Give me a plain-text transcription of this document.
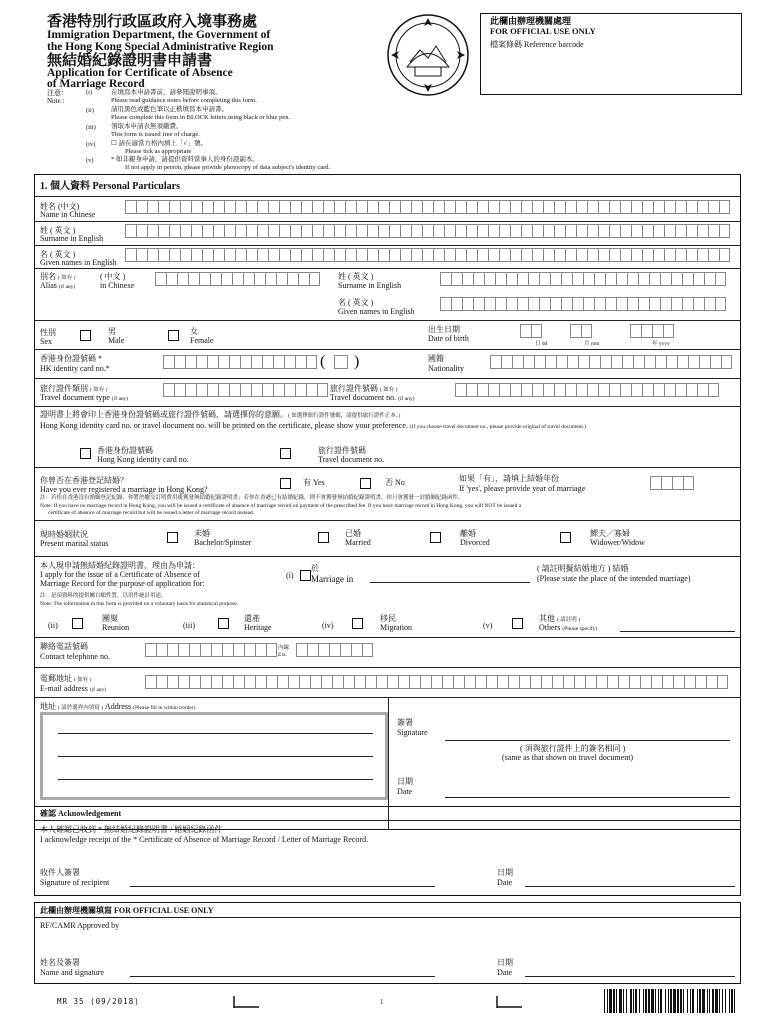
香港特別行政區政府入境事務處
Immigration Department, the Government of
the Hong Kong Special Administrative Region
無結婚紀錄證明書申請書
Application for Certificate of Absence
of Marriage Record
此欄由辦理機關處理
FOR OFFICIAL USE ONLY
檔案條碼 Reference barcode
注意：
Note :
(i)	在填寫本申請書前，請參閱說明事項。
Please read guidance notes before completing this form.
(ii)	請用黑色或藍色筆以正楷填寫本申請書。
Please complete this form in BLOCK letters using black or blue pen.
(iii) 領取本申請表無須繳費。
This form is issued free of charge.
(iv) ☐ 請在適當方格內填上「✓」號。
Please tick as appropriate
(v)	* 如非親身申請，請提供資料當事人的身份證副本。
If not apply in person, please provide photocopy of data subject's identity card.
1. 個人資料 Personal Particulars
姓名 (中文)
Name in Chinese
姓 ( 英文 )
Surname in English
名 ( 英文 )
Given names in English
別名 ( 如有 )
Alias (if any)
( 中文 )
in Chinese
姓 ( 英文 )
Surname in English
名 ( 英文 )
Given names in English
性別
Sex
男
Male
女
Female
出生日期
Date of birth
日 dd	月 mm	年 yyyy
香港身份證號碼 *
HK identity card no.*	( )	國籍
Nationality
旅行證件類別 ( 如有 )
Travel document type (if any)
旅行證件號碼 ( 如有 )
Travel document no. (if any)
證明書上將會印上香港身份證號碼或旅行證件號碼，請選擇你的意願。( 如選擇旅行證件號碼，請提供旅行證件正本。)
Hong Kong identity card no. or travel document no. will be printed on the certificate, please show your preference. (If you choose travel document no., please provide original of travel document.)
香港身份證號碼
Hong Kong identity card no.
旅行證件號碼
Travel document no.
你曾否在香港登記結婚？
Have you ever registered a marriage in Hong Kong?
有 Yes	否 No	如果「有」，請填上結婚年份
If 'yes', please provide year of marriage
註：若你在香港沒有婚姻登記紀錄，你將於繳交訂明費用後獲發無結婚紀錄證明書；若你在香港已有結婚紀錄，則不會獲發無結婚紀錄證明書，你只會獲發一封婚姻紀錄函件。
Note: If you have no marriage record in Hong Kong, you will be issued a certificate of absence of marriage record on payment of the prescribed fee. If you have marriage record in Hong Kong, you will NOT be issued a
certificate of absence of marriage record but will be issued a letter of marriage record instead.
現時婚姻狀況
Present marital status
未婚
Bachelor/Spinster
已婚
Married
離婚
Divorced
鰥夫／寡婦
Widower/Widow
本人現申請無結婚紀錄證明書，理由為申請：
I apply for the issue of a Certificate of Absence of
Marriage Record for the purpose of application for:
(i)
於
Marriage in
( 請註明擬結婚地方 ) 結婚
(Please state the place of the intended marriage)
註：是項資料的提供屬自願性質，以用作統計用途。
Note: The information in this form is provided on a voluntary basis for statistical purpose.
(ii)
團聚
Reunion	(iii)
還產
Heritage	(iv)
移民
Migration	(v)
其他 ( 請註明 )
Others (Please specify)
聯絡電話號碼
Contact telephone no.
內線
Ext.
電郵地址 ( 如有 )
E-mail address (if any)
地址 ( 請於邊界內填寫 ) Address (Please fill in within border)
簽署
Signature
( 須與旅行證件上的簽名相同 )
(same as that shown on travel document)
日期
Date
確認 Acknowledgement
本人確認已收到 * 無結婚紀錄證明書 / 婚姻紀錄函件
I acknowledge receipt of the * Certificate of Absence of Marriage Record / Letter of Marriage Record.
收件人簽署
Signature of recipient
日期
Date
此欄由辦理機關填寫 FOR OFFICIAL USE ONLY
RF/CAMR Approved by
姓名及簽署
Name and signature
日期
Date
MR 35 (09/2018)	1
